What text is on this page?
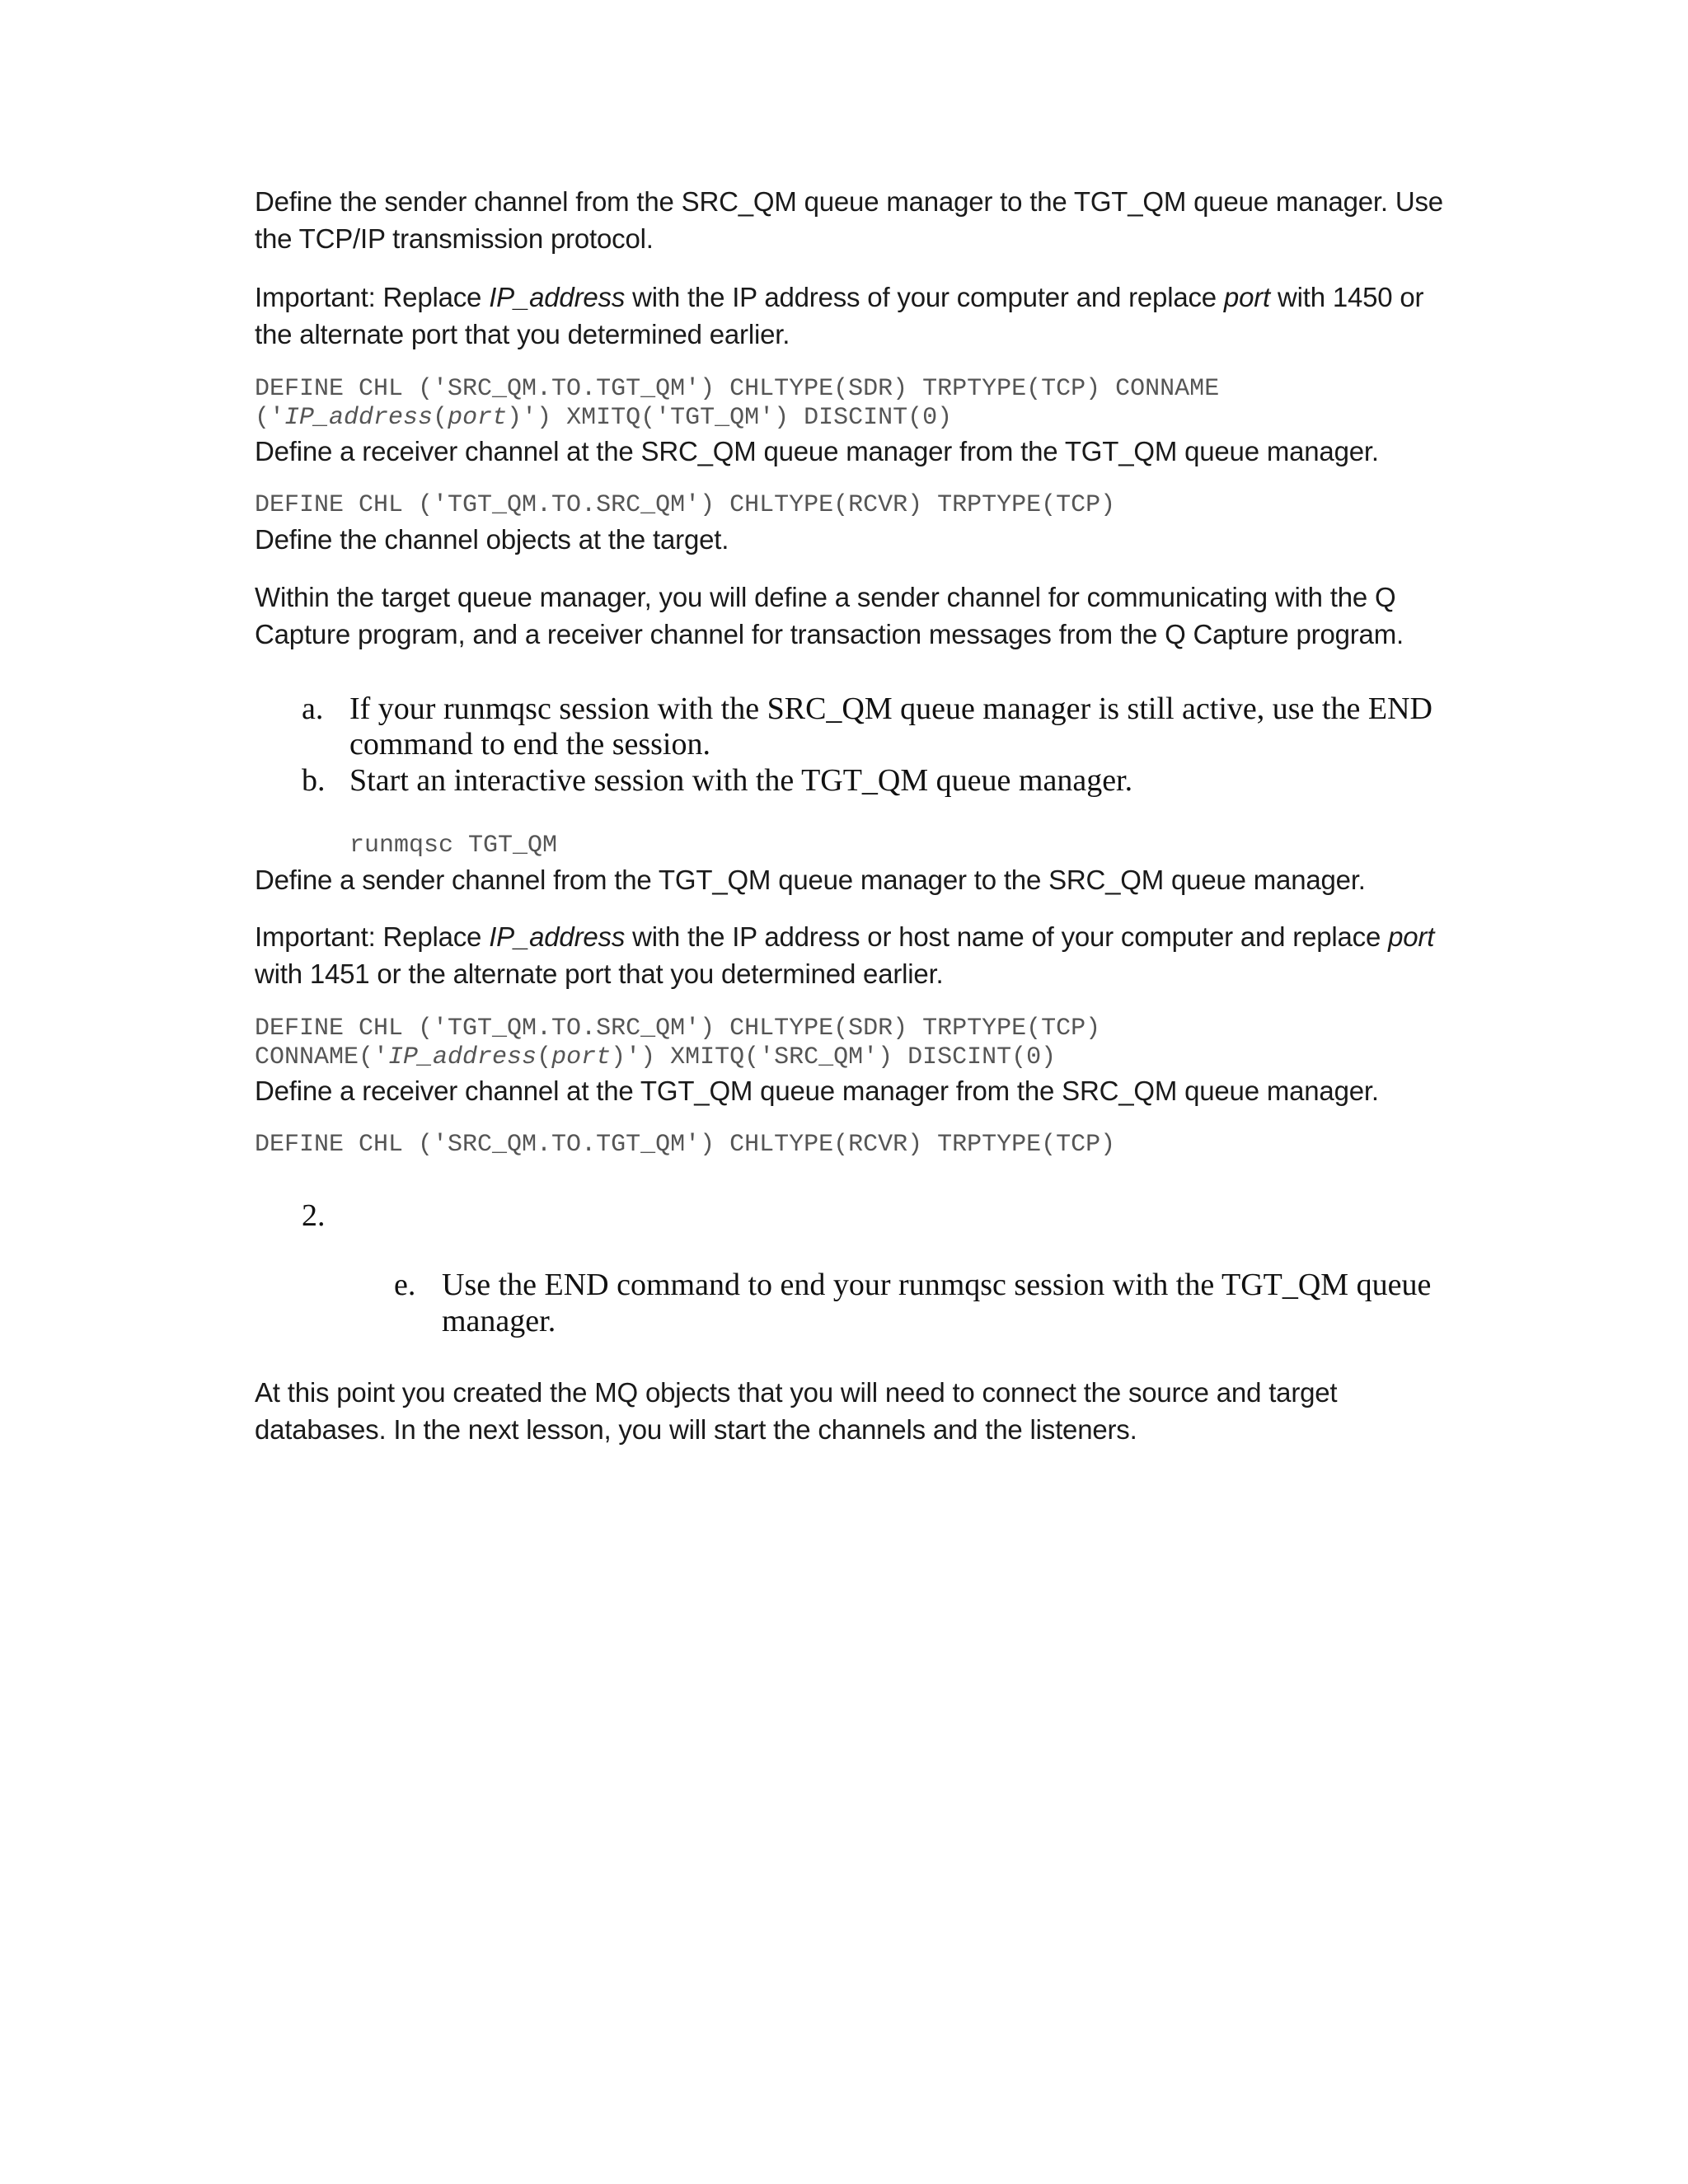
Define the sender channel from the SRC_QM queue manager to the TGT_QM queue manager. Use
the TCP/IP transmission protocol.
Important: Replace IP_address with the IP address of your computer and replace port with 1450 or
the alternate port that you determined earlier.
DEFINE CHL ('SRC_QM.TO.TGT_QM') CHLTYPE(SDR) TRPTYPE(TCP) CONNAME
('IP_address(port)') XMITQ('TGT_QM') DISCINT(0)
Define a receiver channel at the SRC_QM queue manager from the TGT_QM queue manager.
DEFINE CHL ('TGT_QM.TO.SRC_QM') CHLTYPE(RCVR) TRPTYPE(TCP)
Define the channel objects at the target.
Within the target queue manager, you will define a sender channel for communicating with the Q
Capture program, and a receiver channel for transaction messages from the Q Capture program.
a. If your runmqsc session with the SRC_QM queue manager is still active, use the END
command to end the session.
b. Start an interactive session with the TGT_QM queue manager.
runmqsc TGT_QM
Define a sender channel from the TGT_QM queue manager to the SRC_QM queue manager.
Important: Replace IP_address with the IP address or host name of your computer and replace port
with 1451 or the alternate port that you determined earlier.
DEFINE CHL ('TGT_QM.TO.SRC_QM') CHLTYPE(SDR) TRPTYPE(TCP)
CONNAME('IP_address(port)') XMITQ('SRC_QM') DISCINT(0)
Define a receiver channel at the TGT_QM queue manager from the SRC_QM queue manager.
DEFINE CHL ('SRC_QM.TO.TGT_QM') CHLTYPE(RCVR) TRPTYPE(TCP)
2.
e. Use the END command to end your runmqsc session with the TGT_QM queue
manager.
At this point you created the MQ objects that you will need to connect the source and target
databases. In the next lesson, you will start the channels and the listeners.
